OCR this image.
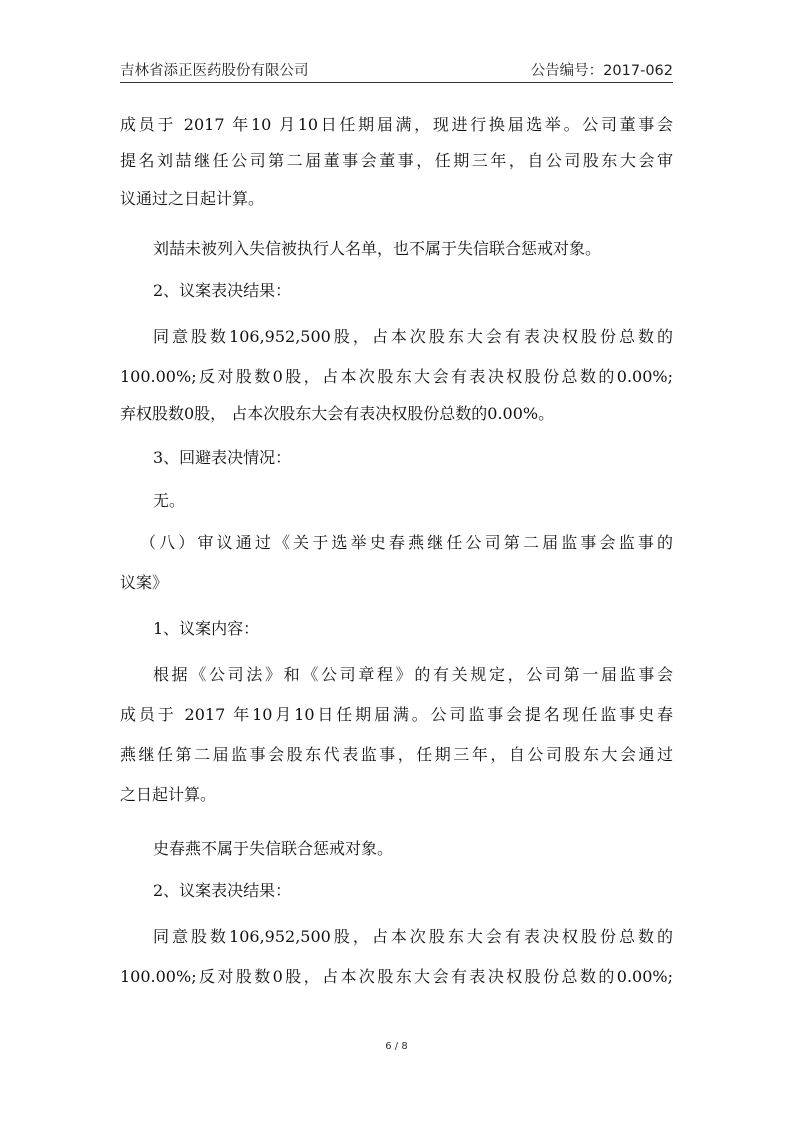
吉林省添正医药股份有限公司	公告编号：2017-062
成员于 2017 年10 月10日任期届满，现进行换届选举。公司董事会
提名刘喆继任公司第二届董事会董事，任期三年，自公司股东大会审
议通过之日起计算。
刘喆未被列入失信被执行人名单，也不属于失信联合惩戒对象。
2、议案表决结果：
同意股数106,952,500股，占本次股东大会有表决权股份总数的
100.00%;反对股数0股，占本次股东大会有表决权股份总数的0.00%;
弃权股数0股， 占本次股东大会有表决权股份总数的0.00%。
3、回避表决情况：
无。
（八）审议通过《关于选举史春燕继任公司第二届监事会监事的
议案》
1、议案内容：
根据《公司法》和《公司章程》的有关规定，公司第一届监事会
成员于 2017 年10月10日任期届满。公司监事会提名现任监事史春
燕继任第二届监事会股东代表监事，任期三年，自公司股东大会通过
之日起计算。
史春燕不属于失信联合惩戒对象。
2、议案表决结果：
同意股数106,952,500股，占本次股东大会有表决权股份总数的
100.00%;反对股数0股，占本次股东大会有表决权股份总数的0.00%;
6 / 8
